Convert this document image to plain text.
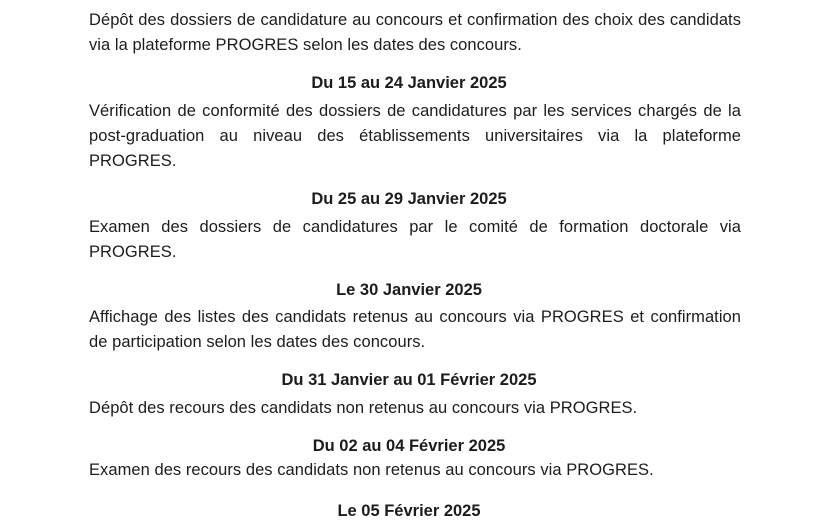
Dépôt des dossiers de candidature au concours et confirmation des choix des candidats via la plateforme PROGRES selon les dates des concours.
Du 15 au 24 Janvier 2025
Vérification de conformité des dossiers de candidatures par les services chargés de la post-graduation au niveau des établissements universitaires via la plateforme PROGRES.
Du 25 au 29 Janvier 2025
Examen des dossiers de candidatures par le comité de formation doctorale via PROGRES.
Le 30 Janvier 2025
Affichage des listes des candidats retenus au concours via PROGRES et confirmation de participation selon les dates des concours.
Du 31 Janvier au 01 Février 2025
Dépôt des recours des candidats non retenus au concours via PROGRES.
Du 02 au 04 Février 2025
Examen des recours des candidats non retenus au concours via PROGRES.
Le 05 Février 2025
